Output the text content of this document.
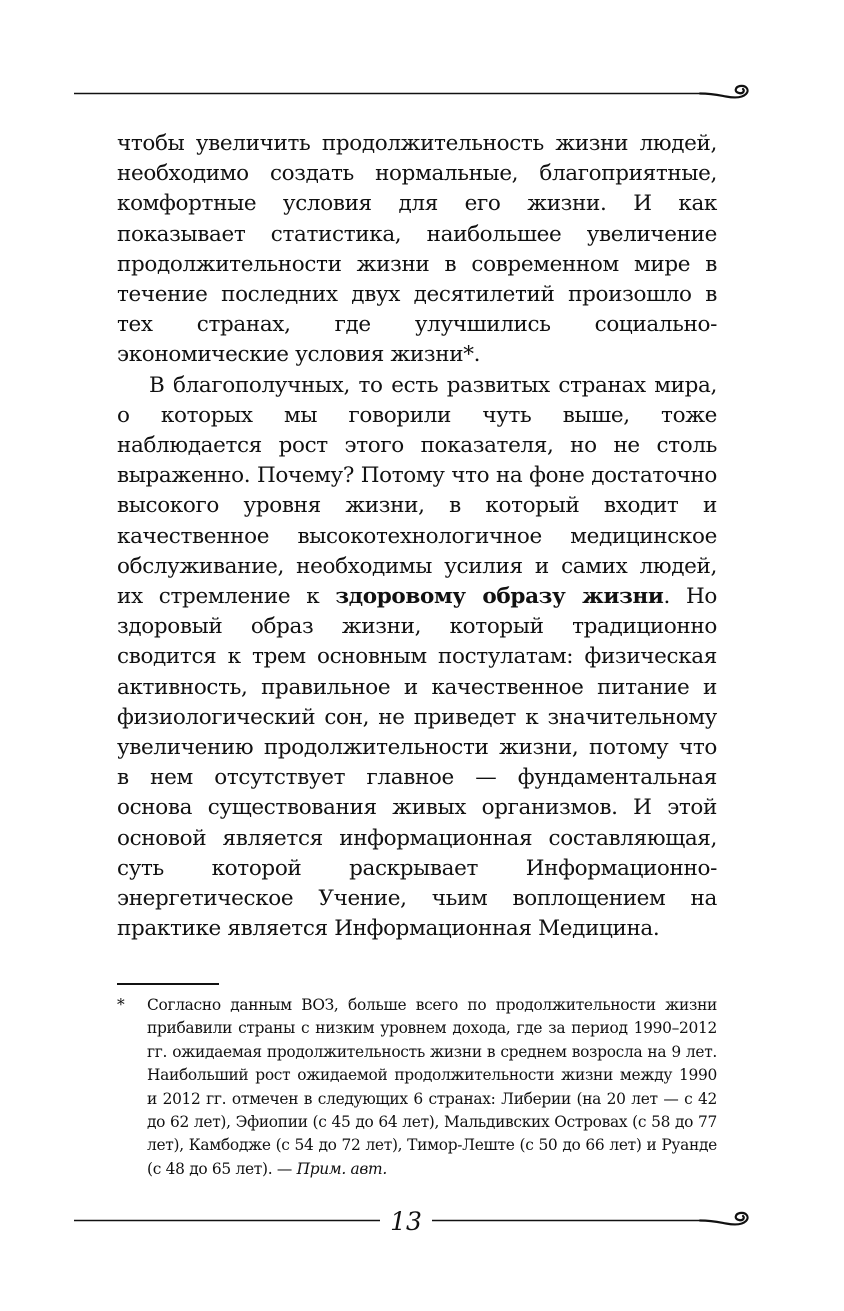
чтобы увеличить продолжительность жизни людей, необходимо создать нормальные, благоприятные, комфортные условия для его жизни. И как показывает статистика, наибольшее увеличение продолжительности жизни в современном мире в течение последних двух десятилетий произошло в тех странах, где улучшились социально-экономические условия жизни*.

В благополучных, то есть развитых странах мира, о которых мы говорили чуть выше, тоже наблюдается рост этого показателя, но не столь выраженно. Почему? Потому что на фоне достаточно высокого уровня жизни, в который входит и качественное высокотехнологичное медицинское обслуживание, необходимы усилия и самих людей, их стремление к здоровому образу жизни. Но здоровый образ жизни, который традиционно сводится к трем основным постулатам: физическая активность, правильное и качественное питание и физиологический сон, не приведет к значительному увеличению продолжительности жизни, потому что в нем отсутствует главное — фундаментальная основа существования живых организмов. И этой основой является информационная составляющая, суть которой раскрывает Информационно-энергетическое Учение, чьим воплощением на практике является Информационная Медицина.

*	Согласно данным ВОЗ, больше всего по продолжительности жизни прибавили страны с низким уровнем дохода, где за период 1990–2012 гг. ожидаемая продолжительность жизни в среднем возросла на 9 лет. Наибольший рост ожидаемой продолжительности жизни между 1990 и 2012 гг. отмечен в следующих 6 странах: Либерии (на 20 лет — с 42 до 62 лет), Эфиопии (с 45 до 64 лет), Мальдивских Островах (с 58 до 77 лет), Камбодже (с 54 до 72 лет), Тимор-Леште (с 50 до 66 лет) и Руанде (с 48 до 65 лет). — Прим. авт.
13
